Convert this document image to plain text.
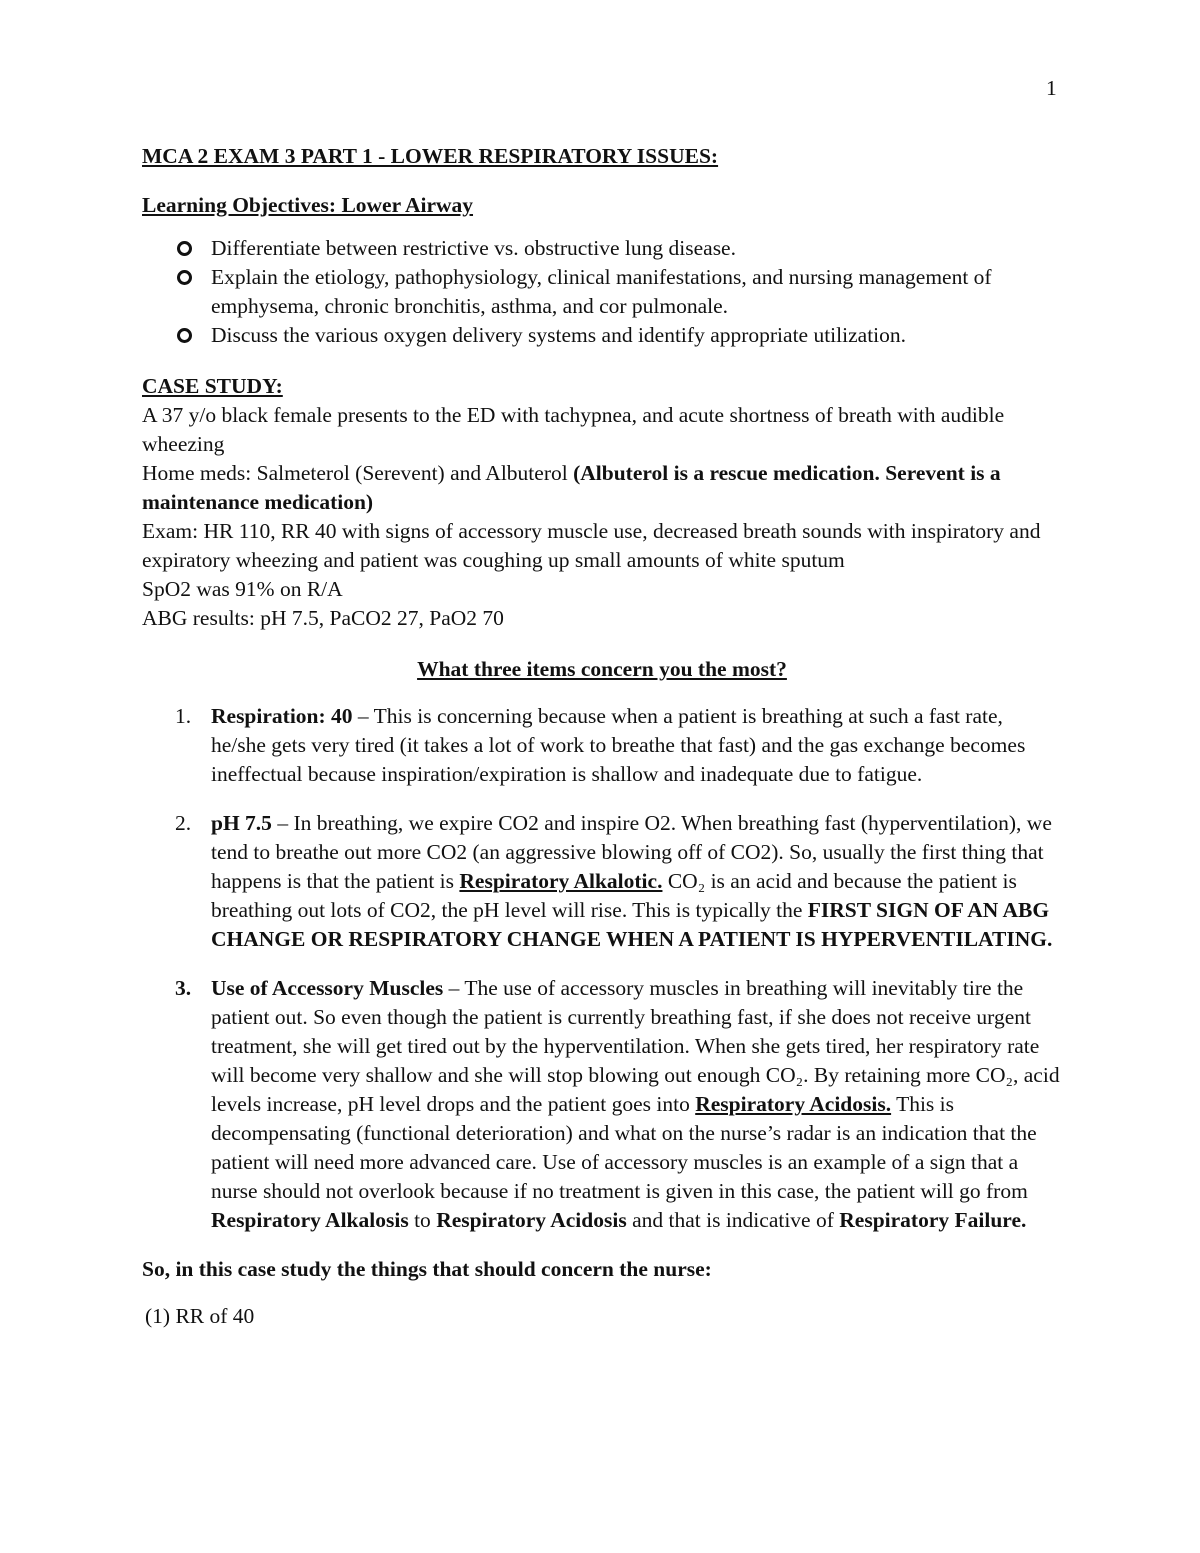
1

MCA 2 EXAM 3 PART 1 - LOWER RESPIRATORY ISSUES:

Learning Objectives: Lower Airway

Differentiate between restrictive vs. obstructive lung disease.
Explain the etiology, pathophysiology, clinical manifestations, and nursing management of emphysema, chronic bronchitis, asthma, and cor pulmonale.
Discuss the various oxygen delivery systems and identify appropriate utilization.
CASE STUDY:

A 37 y/o black female presents to the ED with tachypnea, and acute shortness of breath with audible wheezing

Home meds: Salmeterol (Serevent) and Albuterol (Albuterol is a rescue medication. Serevent is a maintenance medication)

Exam: HR 110, RR 40 with signs of accessory muscle use, decreased breath sounds with inspiratory and expiratory wheezing and patient was coughing up small amounts of white sputum

SpO2 was 91% on R/A

ABG results: pH 7.5, PaCO2 27, PaO2 70

What three items concern you the most?

1. Respiration: 40 – This is concerning because when a patient is breathing at such a fast rate, he/she gets very tired (it takes a lot of work to breathe that fast) and the gas exchange becomes ineffectual because inspiration/expiration is shallow and inadequate due to fatigue.
2. pH 7.5 – In breathing, we expire CO2 and inspire O2. When breathing fast (hyperventilation), we tend to breathe out more CO2 (an aggressive blowing off of CO2). So, usually the first thing that happens is that the patient is Respiratory Alkalotic. CO₂ is an acid and because the patient is breathing out lots of CO2, the pH level will rise. This is typically the FIRST SIGN OF AN ABG CHANGE OR RESPIRATORY CHANGE WHEN A PATIENT IS HYPERVENTILATING.
3. Use of Accessory Muscles – The use of accessory muscles in breathing will inevitably tire the patient out. So even though the patient is currently breathing fast, if she does not receive urgent treatment, she will get tired out by the hyperventilation. When she gets tired, her respiratory rate will become very shallow and she will stop blowing out enough CO₂. By retaining more CO₂, acid levels increase, pH level drops and the patient goes into Respiratory Acidosis. This is decompensating (functional deterioration) and what on the nurse’s radar is an indication that the patient will need more advanced care. Use of accessory muscles is an example of a sign that a nurse should not overlook because if no treatment is given in this case, the patient will go from Respiratory Alkalosis to Respiratory Acidosis and that is indicative of Respiratory Failure.

So, in this case study the things that should concern the nurse:

(1) RR of 40
